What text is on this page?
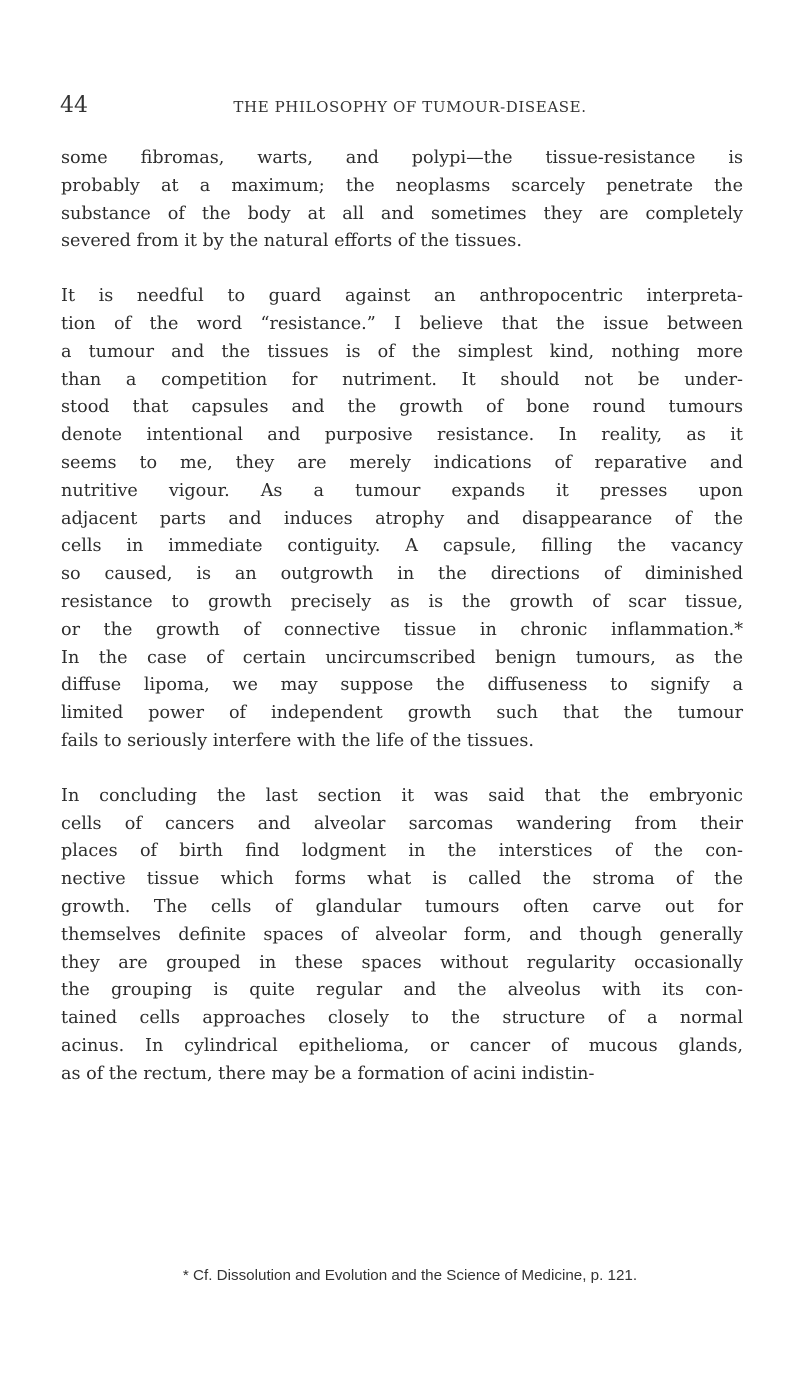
44	THE PHILOSOPHY OF TUMOUR-DISEASE.
some fibromas, warts, and polypi—the tissue-resistance is
probably at a maximum; the neoplasms scarcely penetrate the
substance of the body at all and sometimes they are completely
severed from it by the natural efforts of the tissues.
It is needful to guard against an anthropocentric interpreta-
tion of the word “resistance.” I believe that the issue between
a tumour and the tissues is of the simplest kind, nothing more
than a competition for nutriment. It should not be under-
stood that capsules and the growth of bone round tumours
denote intentional and purposive resistance. In reality, as it
seems to me, they are merely indications of reparative and
nutritive vigour. As a tumour expands it presses upon
adjacent parts and induces atrophy and disappearance of the
cells in immediate contiguity. A capsule, filling the vacancy
so caused, is an outgrowth in the directions of diminished
resistance to growth precisely as is the growth of scar tissue,
or the growth of connective tissue in chronic inflammation.*
In the case of certain uncircumscribed benign tumours, as the
diffuse lipoma, we may suppose the diffuseness to signify a
limited power of independent growth such that the tumour
fails to seriously interfere with the life of the tissues.
In concluding the last section it was said that the embryonic
cells of cancers and alveolar sarcomas wandering from their
places of birth find lodgment in the interstices of the con-
nective tissue which forms what is called the stroma of the
growth. The cells of glandular tumours often carve out for
themselves definite spaces of alveolar form, and though generally
they are grouped in these spaces without regularity occasionally
the grouping is quite regular and the alveolus with its con-
tained cells approaches closely to the structure of a normal
acinus. In cylindrical epithelioma, or cancer of mucous glands,
as of the rectum, there may be a formation of acini indistin-
* Cf. Dissolution and Evolution and the Science of Medicine, p. 121.
